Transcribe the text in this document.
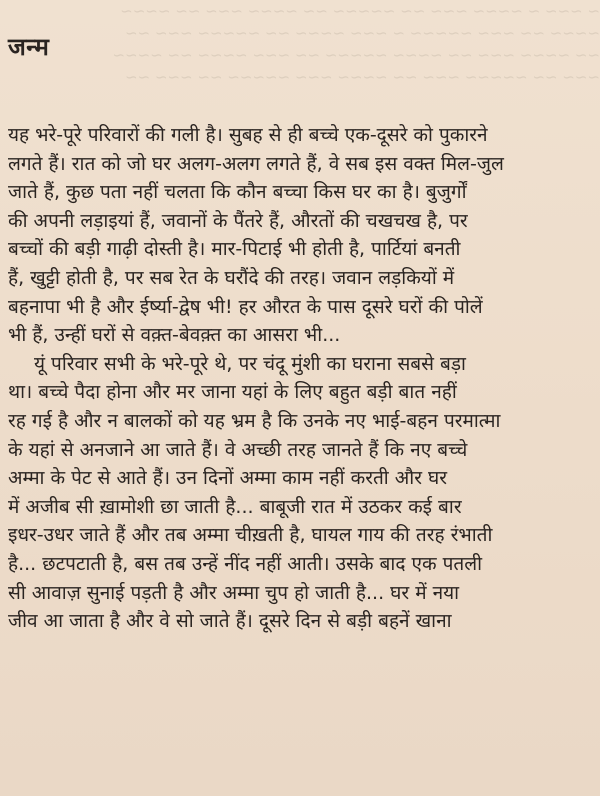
~ ~~~ ~ ~~~~ ~~~ ~~ ~~~~~ ~~ ~~~~ ~~~ ~~ ~~~~
~~~~ ~~ ~~~ ~~~~~ ~ ~~~ ~~~~ ~~ ~~~~~ ~~~ ~~
~~ ~~~~ ~~~ ~~ ~~~~ ~~~~~ ~~ ~~~ ~~~~ ~~ ~~~~
~~~ ~~ ~~~~~ ~~~ ~~ ~~~~ ~~~ ~~~~~ ~~ ~~~ ~~
जन्म
यह भरे-पूरे परिवारों की गली है। सुबह से ही बच्चे एक-दूसरे को पुकारने
लगते हैं। रात को जो घर अलग-अलग लगते हैं, वे सब इस वक्त मिल-जुल
जाते हैं, कुछ पता नहीं चलता कि कौन बच्चा किस घर का है। बुजुर्गों
की अपनी लड़ाइयां हैं, जवानों के पैंतरे हैं, औरतों की चखचख है, पर
बच्चों की बड़ी गाढ़ी दोस्ती है। मार-पिटाई भी होती है, पार्टियां बनती
हैं, खुट्टी होती है, पर सब रेत के घरौंदे की तरह। जवान लड़कियों में
बहनापा भी है और ईर्ष्या-द्वेष भी! हर औरत के पास दूसरे घरों की पोलें
भी हैं, उन्हीं घरों से वक़्त-बेवक़्त का आसरा भी...
यूं परिवार सभी के भरे-पूरे थे, पर चंदू मुंशी का घराना सबसे बड़ा
था। बच्चे पैदा होना और मर जाना यहां के लिए बहुत बड़ी बात नहीं
रह गई है और न बालकों को यह भ्रम है कि उनके नए भाई-बहन परमात्मा
के यहां से अनजाने आ जाते हैं। वे अच्छी तरह जानते हैं कि नए बच्चे
अम्मा के पेट से आते हैं। उन दिनों अम्मा काम नहीं करती और घर
में अजीब सी ख़ामोशी छा जाती है... बाबूजी रात में उठकर कई बार
इधर-उधर जाते हैं और तब अम्मा चीख़ती है, घायल गाय की तरह रंभाती
है... छटपटाती है, बस तब उन्हें नींद नहीं आती। उसके बाद एक पतली
सी आवाज़ सुनाई पड़ती है और अम्मा चुप हो जाती है... घर में नया
जीव आ जाता है और वे सो जाते हैं। दूसरे दिन से बड़ी बहनें खाना
